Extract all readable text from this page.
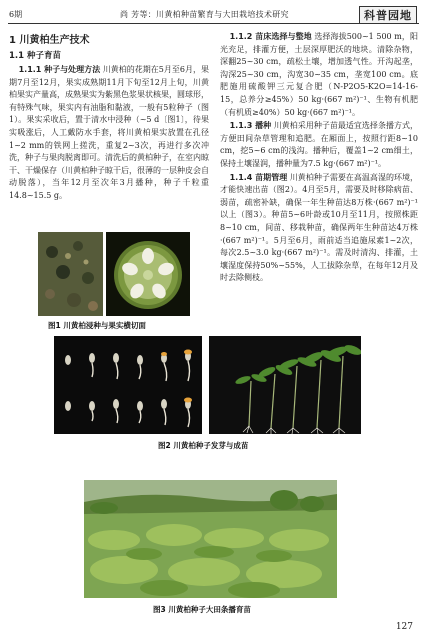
6期	尚 芳等：川黄柏种苗繁育与大田栽培技术研究	科普园地
1 川黄柏生产技术
1.1 种子育苗
1.1.1 种子与处理方法 川黄柏的花期在5月至6月，果期7月至12月，果实成熟期11月下旬至12月上旬，川黄柏果实产量高，成熟果实为紫黑色浆果状核果，圆球形，有特殊气味，果实内有油脂和黏液，一般有5粒种子（图1）。果实采收后，置于清水中浸种（~5 d〔图1〕，待果实吸涨后，人工戴防水手套，将川黄柏果实放置在孔径1~2 mm的铁网上搓洗，重复2~3次，再进行多次冲洗，种子与果肉脱离即可。清洗后的黄柏种子，在室内晾干、干燥保存（川黄柏种子晾干后，很薄的一层种皮会自动脱落），当年12月至次年3月播种，种子千粒重14.8~15.5 g。
1.1.2 苗床选择与整地 选择海拔500~1 500 m，阳光充足，排灌方便，土层深厚肥沃的地块。清除杂物，深翻25~30 cm，疏松土壤，增加透气性。开沟起垄，沟深25~30 cm，沟宽30~35 cm，垄宽100 cm。底肥施用硫酸钾三元复合肥（N-P2O5-K2O=14-16-15，总养分≥45%）50 kg·(667 m²)⁻¹、生物有机肥（有机质≥40%）50 kg·(667 m²)⁻¹。
1.1.3 播种 川黄柏采用种子苗最适宜选择条播方式，方便田间杂草管理和追肥。在厢面上，按照行距8~10 cm，挖5~6 cm的浅沟。播种后，覆盖1~2 cm细土，保持土壤湿润，播种量为7.5 kg·(667 m²)⁻¹。
1.1.4 苗期管理 川黄柏种子需要在高温高湿的环境，才能快速出苗（图2）。4月至5月，需要及时移除病苗、弱苗，疏密补缺，确保一年生种苗达8万株·(667 m²)⁻¹以上（图3）。种苗5~6叶龄或10月至11月，按照株距8~10 cm，间苗、移栽种苗，确保两年生种苗达4万株·(667 m²)⁻¹。5月至6月，雨前适当追施尿素1~2次，每次2.5~3.0 kg·(667 m²)⁻¹。需及时清沟、排灌，土壤湿度保持50%~55%，人工拔除杂草，在每年12月及时去除侧枝。
图1 川黄柏浸种与果实横切面
图2 川黄柏种子发芽与成苗
图3 川黄柏种子大田条播育苗
127
